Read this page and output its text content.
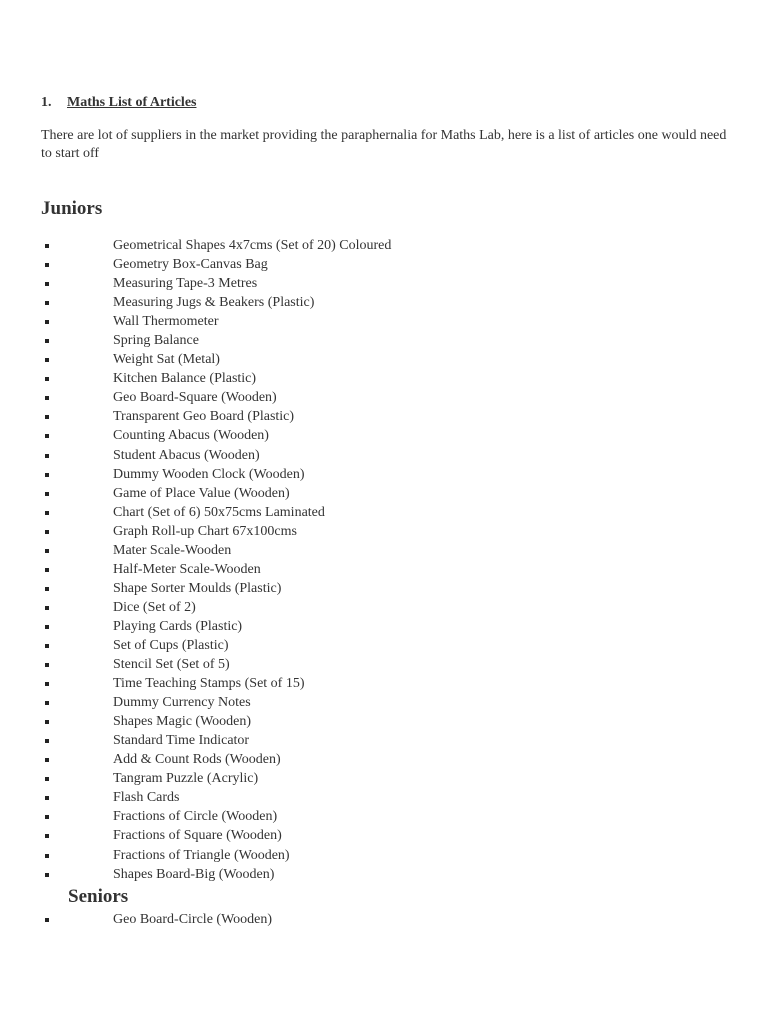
1. Maths List of Articles
There are lot of suppliers in the market providing the paraphernalia for Maths Lab, here is a list of articles one would need to start off
Juniors
Geometrical Shapes 4x7cms (Set of 20) Coloured
Geometry Box-Canvas Bag
Measuring Tape-3 Metres
Measuring Jugs & Beakers (Plastic)
Wall Thermometer
Spring Balance
Weight Sat (Metal)
Kitchen Balance (Plastic)
Geo Board-Square (Wooden)
Transparent Geo Board (Plastic)
Counting Abacus (Wooden)
Student Abacus (Wooden)
Dummy Wooden Clock (Wooden)
Game of Place Value (Wooden)
Chart (Set of 6) 50x75cms Laminated
Graph Roll-up Chart 67x100cms
Mater Scale-Wooden
Half-Meter Scale-Wooden
Shape Sorter Moulds (Plastic)
Dice (Set of 2)
Playing Cards (Plastic)
Set of Cups (Plastic)
Stencil Set (Set of 5)
Time Teaching Stamps (Set of 15)
Dummy Currency Notes
Shapes Magic (Wooden)
Standard Time Indicator
Add & Count Rods (Wooden)
Tangram Puzzle (Acrylic)
Flash Cards
Fractions of Circle (Wooden)
Fractions of Square (Wooden)
Fractions of Triangle (Wooden)
Shapes Board-Big (Wooden)
Seniors
Geo Board-Circle (Wooden)
